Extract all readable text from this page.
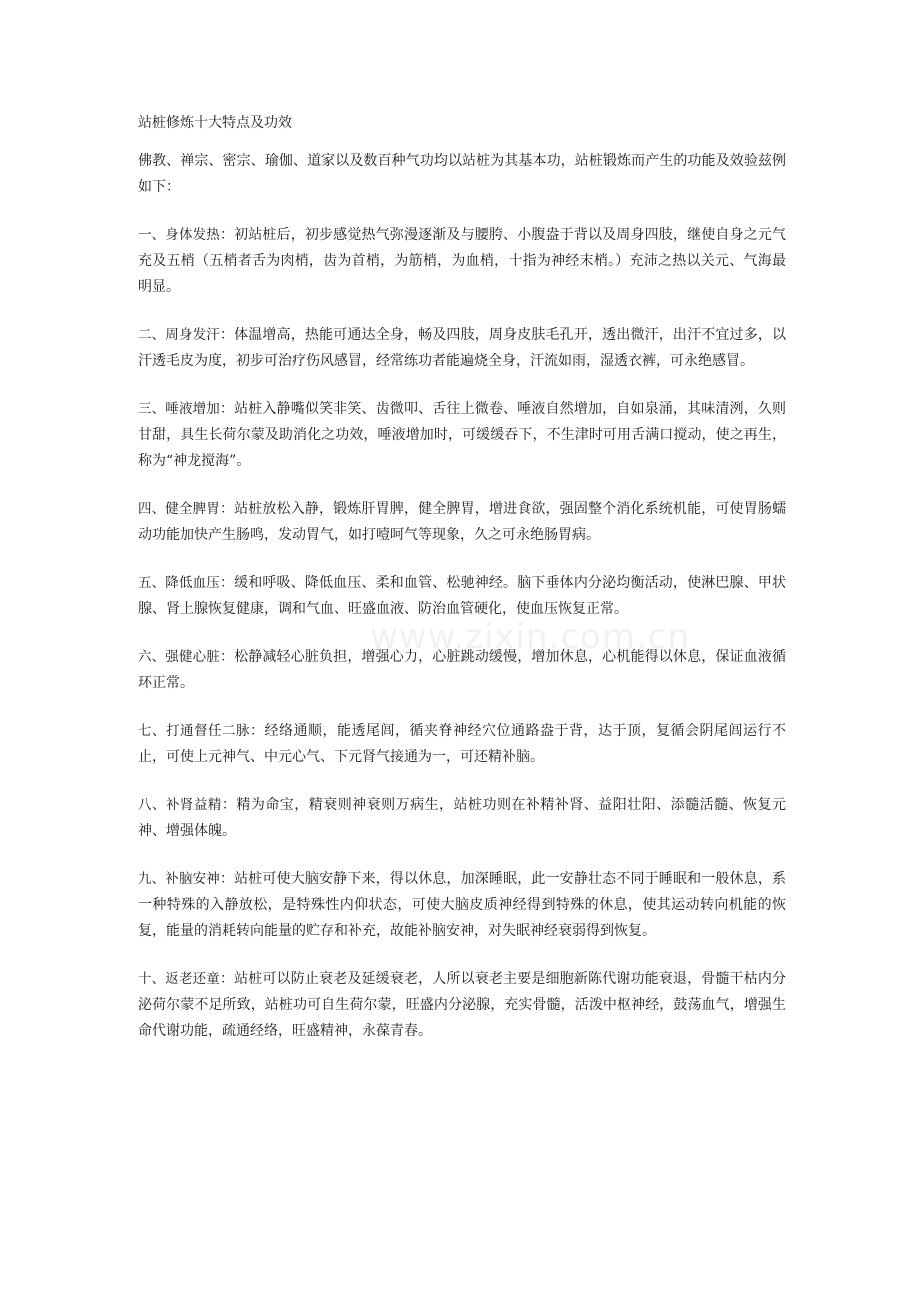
站桩修炼十大特点及功效

佛教、禅宗、密宗、瑜伽、道家以及数百种气功均以站桩为其基本功，站桩锻炼而产生的功能及效验兹例如下：

一、身体发热：初站桩后，初步感觉热气弥漫逐渐及与腰胯、小腹盎于背以及周身四肢，继使自身之元气充及五梢（五梢者舌为肉梢，齿为首梢，为筋梢，为血梢，十指为神经末梢。）充沛之热以关元、气海最明显。

二、周身发汗：体温增高，热能可通达全身，畅及四肢，周身皮肤毛孔开，透出微汗，出汗不宜过多，以汗透毛皮为度，初步可治疗伤风感冒，经常练功者能遍烧全身，汗流如雨，湿透衣裤，可永绝感冒。

三、唾液增加：站桩入静嘴似笑非笑、齿微叩、舌往上微卷、唾液自然增加，自如泉涌，其味清洌，久则甘甜，具生长荷尔蒙及助消化之功效，唾液增加时，可缓缓吞下，不生津时可用舌满口搅动，使之再生，称为“神龙搅海”。

四、健全脾胃：站桩放松入静，锻炼肝胃脾，健全脾胃，增进食欲，强固整个消化系统机能，可使胃肠蠕动功能加快产生肠鸣，发动胃气，如打噎呵气等现象，久之可永绝肠胃病。

五、降低血压：缓和呼吸、降低血压、柔和血管、松驰神经。脑下垂体内分泌均衡活动，使淋巴腺、甲状腺、肾上腺恢复健康，调和气血、旺盛血液、防治血管硬化，使血压恢复正常。

六、强健心脏：松静减轻心脏负担，增强心力，心脏跳动缓慢，增加休息，心机能得以休息，保证血液循环正常。

七、打通督任二脉：经络通顺，能透尾闾，循夹脊神经穴位通路盎于背，达于顶，复循会阴尾闾运行不止，可使上元神气、中元心气、下元肾气接通为一，可还精补脑。

八、补肾益精：精为命宝，精衰则神衰则万病生，站桩功则在补精补肾、益阳壮阳、添髓活髓、恢复元神、增强体魄。

九、补脑安神：站桩可使大脑安静下来，得以休息，加深睡眠，此一安静壮态不同于睡眠和一般休息，系一种特殊的入静放松，是特殊性内仰状态，可使大脑皮质神经得到特殊的休息，使其运动转向机能的恢复，能量的消耗转向能量的贮存和补充，故能补脑安神，对失眠神经衰弱得到恢复。

十、返老还童：站桩可以防止衰老及延缓衰老，人所以衰老主要是细胞新陈代谢功能衰退，骨髓干枯内分泌荷尔蒙不足所致，站桩功可自生荷尔蒙，旺盛内分泌腺，充实骨髓，活泼中枢神经，鼓荡血气，增强生命代谢功能，疏通经络，旺盛精神，永葆青春。

www.zixin.com.cn
